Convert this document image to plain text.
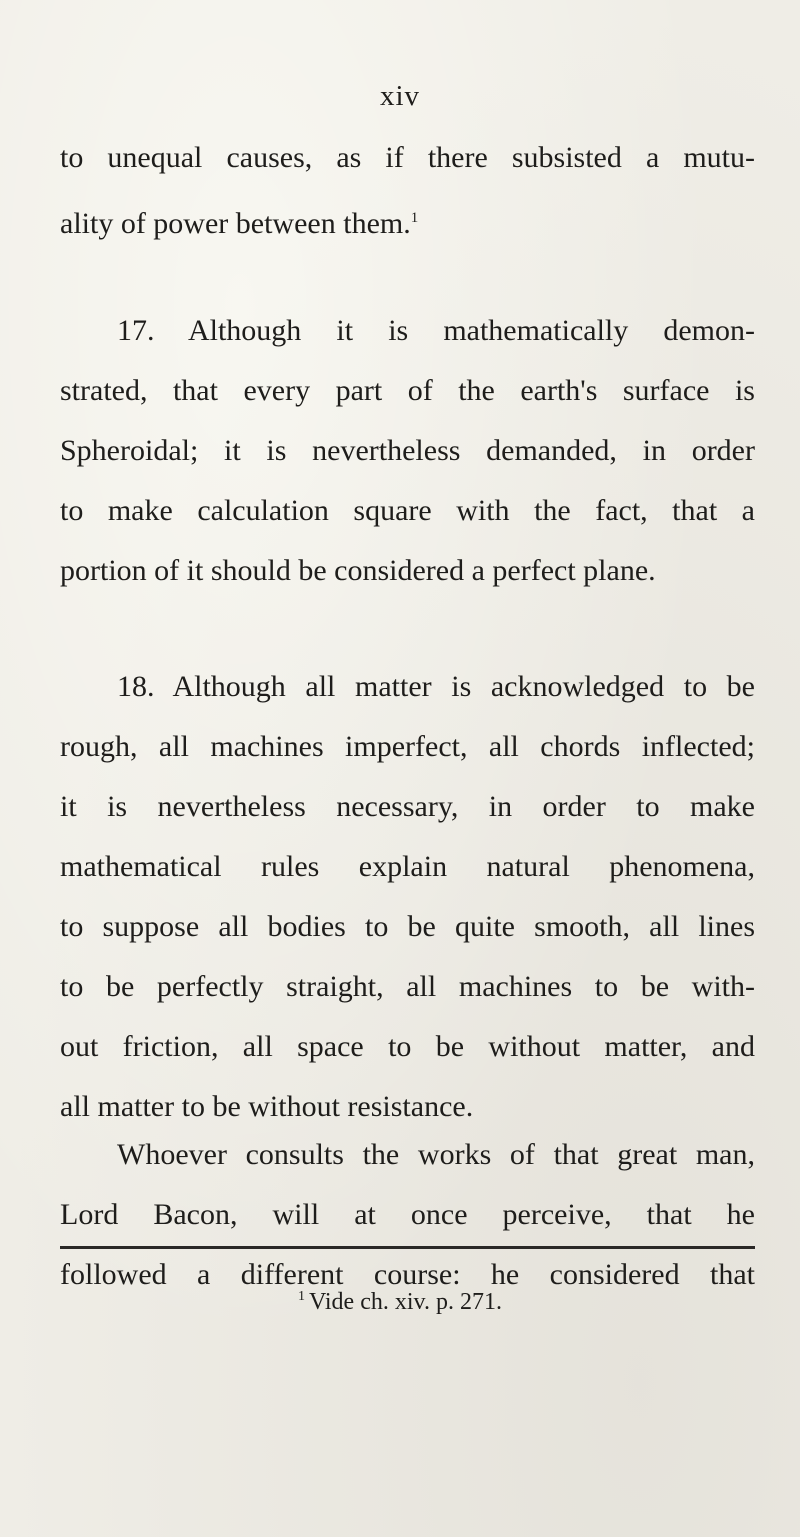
xiv
to unequal causes, as if there subsisted a mutu-
ality of power between them.$^1$
17. Although it is mathematically demon-
strated, that every part of the earth's surface is
Spheroidal; it is nevertheless demanded, in order
to make calculation square with the fact, that a
portion of it should be considered a perfect plane.
18. Although all matter is acknowledged to be
rough, all machines imperfect, all chords inflected;
it is nevertheless necessary, in order to make
mathematical rules explain natural phenomena,
to suppose all bodies to be quite smooth, all lines
to be perfectly straight, all machines to be with-
out friction, all space to be without matter, and
all matter to be without resistance.
Whoever consults the works of that great man,
Lord Bacon, will at once perceive, that he
followed a different course: he considered that
$^1$ Vide ch. xiv. p. 271.
